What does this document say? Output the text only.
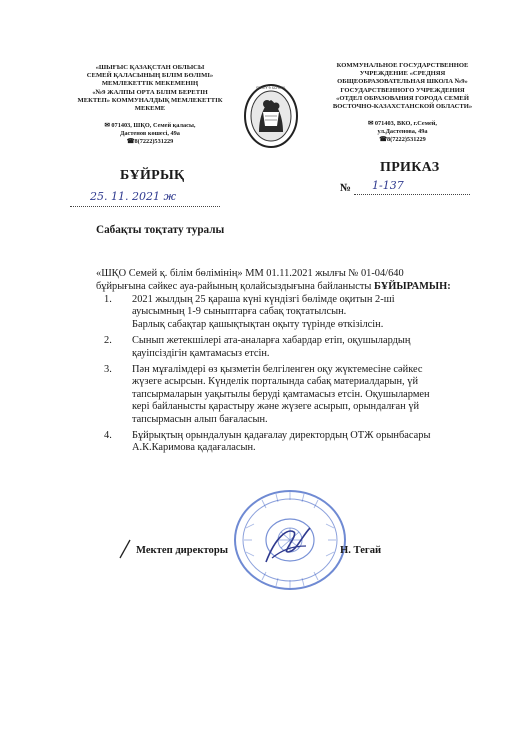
«ШЫҒЫС ҚАЗАҚСТАН ОБЛЫСЫ
СЕМЕЙ ҚАЛАСЫНЫҢ БІЛІМ БӨЛІМІ»
МЕМЛЕКЕТТІК МЕКЕМЕНІҢ
«№9 ЖАЛПЫ ОРТА БІЛІМ БЕРЕТІН
МЕКТЕП» КОММУНАЛДЫҚ МЕМЛЕКЕТТІК
МЕКЕМЕ
✉ 071403, ШҚО, Семей қаласы,
Дастенов көшесі, 49а
☎8(7222)531229
SEMEY 9 SCHOOL
КОММУНАЛЬНОЕ ГОСУДАРСТВЕННОЕ
УЧРЕЖДЕНИЕ «СРЕДНЯЯ
ОБЩЕОБРАЗОВАТЕЛЬНАЯ ШКОЛА №9»
ГОСУДАРСТВЕННОГО УЧРЕЖДЕНИЯ
«ОТДЕЛ ОБРАЗОВАНИЯ ГОРОДА СЕМЕЙ
ВОСТОЧНО-КАЗАХСТАНСКОЙ ОБЛАСТИ»
✉ 071403, ВКО, г.Семей,
ул.Дастенова, 49а
☎8(7222)531229
БҰЙРЫҚ
ПРИКАЗ
25. 11. 2021 ж
№ 1-137
Сабақты тоқтату туралы
«ШҚО Семей қ. білім бөлімінің» ММ 01.11.2021 жылғы № 01-04/640
бұйрығына сәйкес ауа-райының қолайсыздығына байланысты БҰЙЫРАМЫН:
1. 2021 жылдың 25 қараша күні күндізгі бөлімде оқитын 2-ші
ауысымның 1-9 сыныптарға сабақ тоқтатылсын.
Барлық сабақтар қашықтықтан оқыту түрінде өткізілсін.
2. Сынып жетекшілері ата-аналарға хабардар етіп, оқушылардың
қауіпсіздігін қамтамасыз етсін.
3. Пән мұғалімдері өз қызметін белгіленген оқу жүктемесіне сәйкес
жүзеге асырсын. Күнделік порталында сабақ материалдарын, үй
тапсырмаларын уақытылы беруді қамтамасыз етсін. Оқушылармен
кері байланысты қарастыру және жүзеге асырып, орындалған үй
тапсырмасын алып бағаласын.
4. Бұйрықтың орындалуын қадағалау директордың ОТЖ орынбасары
А.К.Каримова қадағаласын.
Мектеп директоры	Н. Тегай
